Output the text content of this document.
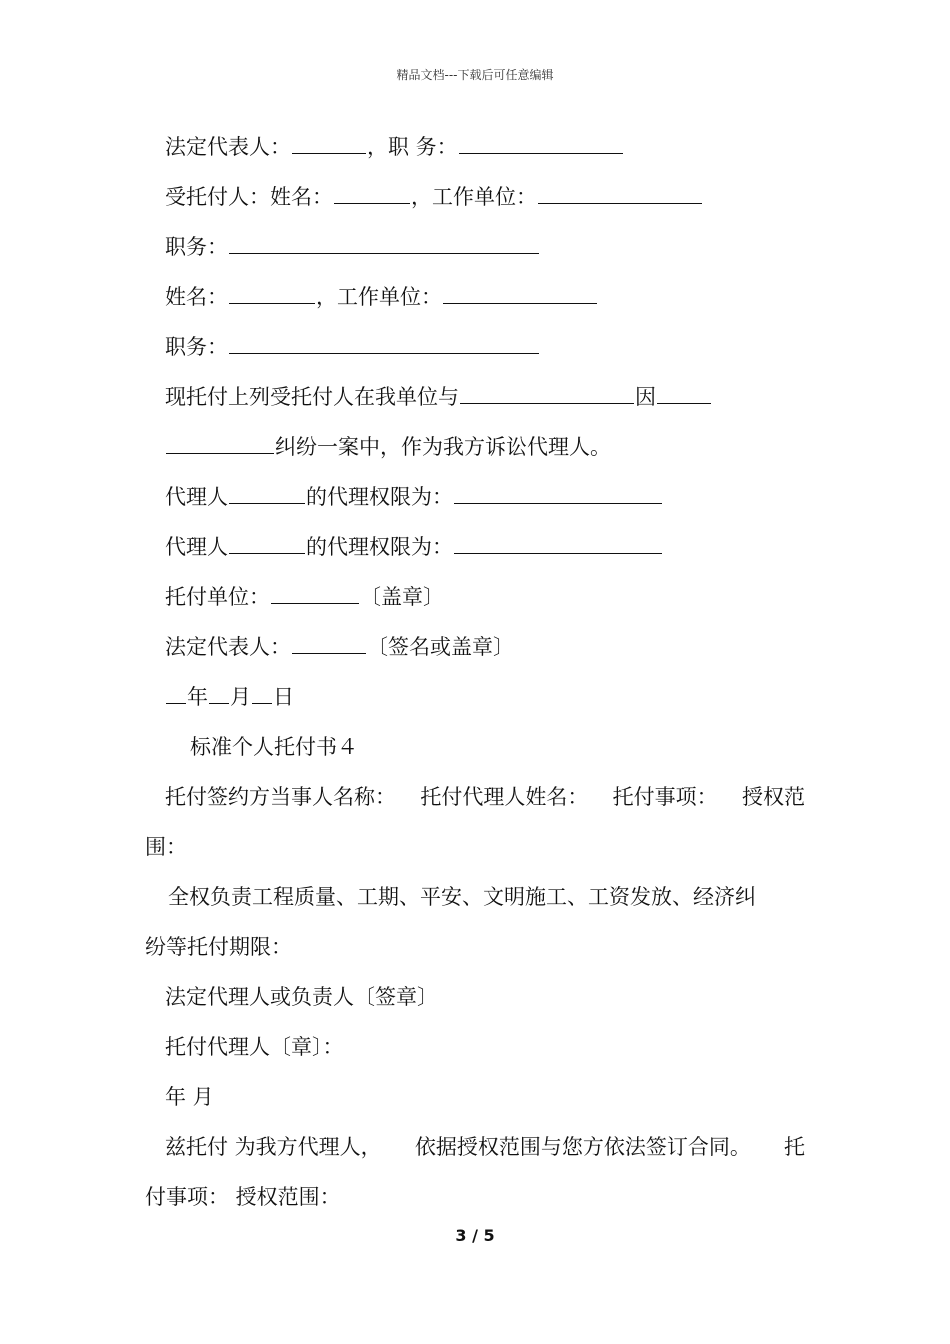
精品文档---下载后可任意编辑
法定代表人：	，职 务：
受托付人：姓名：	，工作单位：
职务：
姓名：	，工作单位：
职务：
现托付上列受托付人在我单位与	因
纠纷一案中，作为我方诉讼代理人。
代理人	的代理权限为：
代理人	的代理权限为：
托付单位：	〔盖章〕
法定代表人：	〔签名或盖章〕
年 月 日
标准个人托付书４
托付签约方当事人名称： 托付代理人姓名： 托付事项： 授权范
围：
全权负责工程质量、工期、平安、文明施工、工资发放、经济纠
纷等托付期限：
法定代理人或负责人〔签章〕
托付代理人〔章〕：
年 月
兹托付 为我方代理人， 依据授权范围与您方依法签订合同。 托
付事项： 授权范围：
3 / 5
